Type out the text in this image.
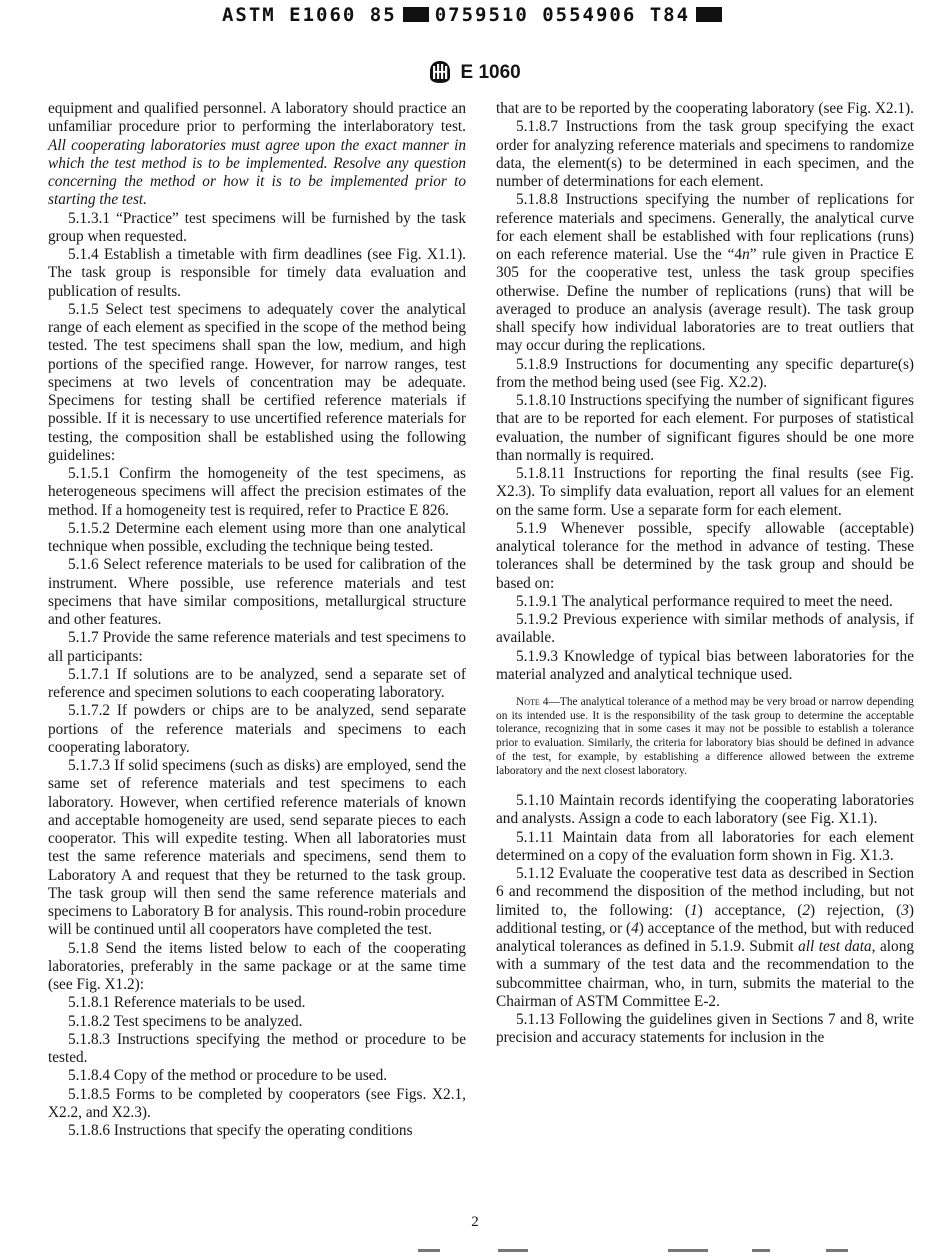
ASTM E1060 85 0759510 0554906 T84
E 1060

equipment and qualified personnel. A laboratory should practice an unfamiliar procedure prior to performing the interlaboratory test. All cooperating laboratories must agree upon the exact manner in which the test method is to be implemented. Resolve any question concerning the method or how it is to be implemented prior to starting the test.

5.1.3.1 “Practice” test specimens will be furnished by the task group when requested.

5.1.4 Establish a timetable with firm deadlines (see Fig. X1.1). The task group is responsible for timely data evaluation and publication of results.

5.1.5 Select test specimens to adequately cover the analytical range of each element as specified in the scope of the method being tested. The test specimens shall span the low, medium, and high portions of the specified range. However, for narrow ranges, test specimens at two levels of concentration may be adequate. Specimens for testing shall be certified reference materials if possible. If it is necessary to use uncertified reference materials for testing, the composition shall be established using the following guidelines:

5.1.5.1 Confirm the homogeneity of the test specimens, as heterogeneous specimens will affect the precision estimates of the method. If a homogeneity test is required, refer to Practice E 826.

5.1.5.2 Determine each element using more than one analytical technique when possible, excluding the technique being tested.

5.1.6 Select reference materials to be used for calibration of the instrument. Where possible, use reference materials and test specimens that have similar compositions, metallurgical structure and other features.

5.1.7 Provide the same reference materials and test specimens to all participants:

5.1.7.1 If solutions are to be analyzed, send a separate set of reference and specimen solutions to each cooperating laboratory.

5.1.7.2 If powders or chips are to be analyzed, send separate portions of the reference materials and specimens to each cooperating laboratory.

5.1.7.3 If solid specimens (such as disks) are employed, send the same set of reference materials and test specimens to each laboratory. However, when certified reference materials of known and acceptable homogeneity are used, send separate pieces to each cooperator. This will expedite testing. When all laboratories must test the same reference materials and specimens, send them to Laboratory A and request that they be returned to the task group. The task group will then send the same reference materials and specimens to Laboratory B for analysis. This round-robin procedure will be continued until all cooperators have completed the test.

5.1.8 Send the items listed below to each of the cooperating laboratories, preferably in the same package or at the same time (see Fig. X1.2):

5.1.8.1 Reference materials to be used.

5.1.8.2 Test specimens to be analyzed.

5.1.8.3 Instructions specifying the method or procedure to be tested.

5.1.8.4 Copy of the method or procedure to be used.

5.1.8.5 Forms to be completed by cooperators (see Figs. X2.1, X2.2, and X2.3).

5.1.8.6 Instructions that specify the operating conditions

that are to be reported by the cooperating laboratory (see Fig. X2.1).

5.1.8.7 Instructions from the task group specifying the exact order for analyzing reference materials and specimens to randomize data, the element(s) to be determined in each specimen, and the number of determinations for each element.

5.1.8.8 Instructions specifying the number of replications for reference materials and specimens. Generally, the analytical curve for each element shall be established with four replications (runs) on each reference material. Use the “4n” rule given in Practice E 305 for the cooperative test, unless the task group specifies otherwise. Define the number of replications (runs) that will be averaged to produce an analysis (average result). The task group shall specify how individual laboratories are to treat outliers that may occur during the replications.

5.1.8.9 Instructions for documenting any specific departure(s) from the method being used (see Fig. X2.2).

5.1.8.10 Instructions specifying the number of significant figures that are to be reported for each element. For purposes of statistical evaluation, the number of significant figures should be one more than normally is required.

5.1.8.11 Instructions for reporting the final results (see Fig. X2.3). To simplify data evaluation, report all values for an element on the same form. Use a separate form for each element.

5.1.9 Whenever possible, specify allowable (acceptable) analytical tolerance for the method in advance of testing. These tolerances shall be determined by the task group and should be based on:

5.1.9.1 The analytical performance required to meet the need.

5.1.9.2 Previous experience with similar methods of analysis, if available.

5.1.9.3 Knowledge of typical bias between laboratories for the material analyzed and analytical technique used.

Note 4—The analytical tolerance of a method may be very broad or narrow depending on its intended use. It is the responsibility of the task group to determine the acceptable tolerance, recognizing that in some cases it may not be possible to establish a tolerance prior to evaluation. Similarly, the criteria for laboratory bias should be defined in advance of the test, for example, by establishing a difference allowed between the extreme laboratory and the next closest laboratory.

5.1.10 Maintain records identifying the cooperating laboratories and analysts. Assign a code to each laboratory (see Fig. X1.1).

5.1.11 Maintain data from all laboratories for each element determined on a copy of the evaluation form shown in Fig. X1.3.

5.1.12 Evaluate the cooperative test data as described in Section 6 and recommend the disposition of the method including, but not limited to, the following: (1) acceptance, (2) rejection, (3) additional testing, or (4) acceptance of the method, but with reduced analytical tolerances as defined in 5.1.9. Submit all test data, along with a summary of the test data and the recommendation to the subcommittee chairman, who, in turn, submits the material to the Chairman of ASTM Committee E-2.

5.1.13 Following the guidelines given in Sections 7 and 8, write precision and accuracy statements for inclusion in the

2
